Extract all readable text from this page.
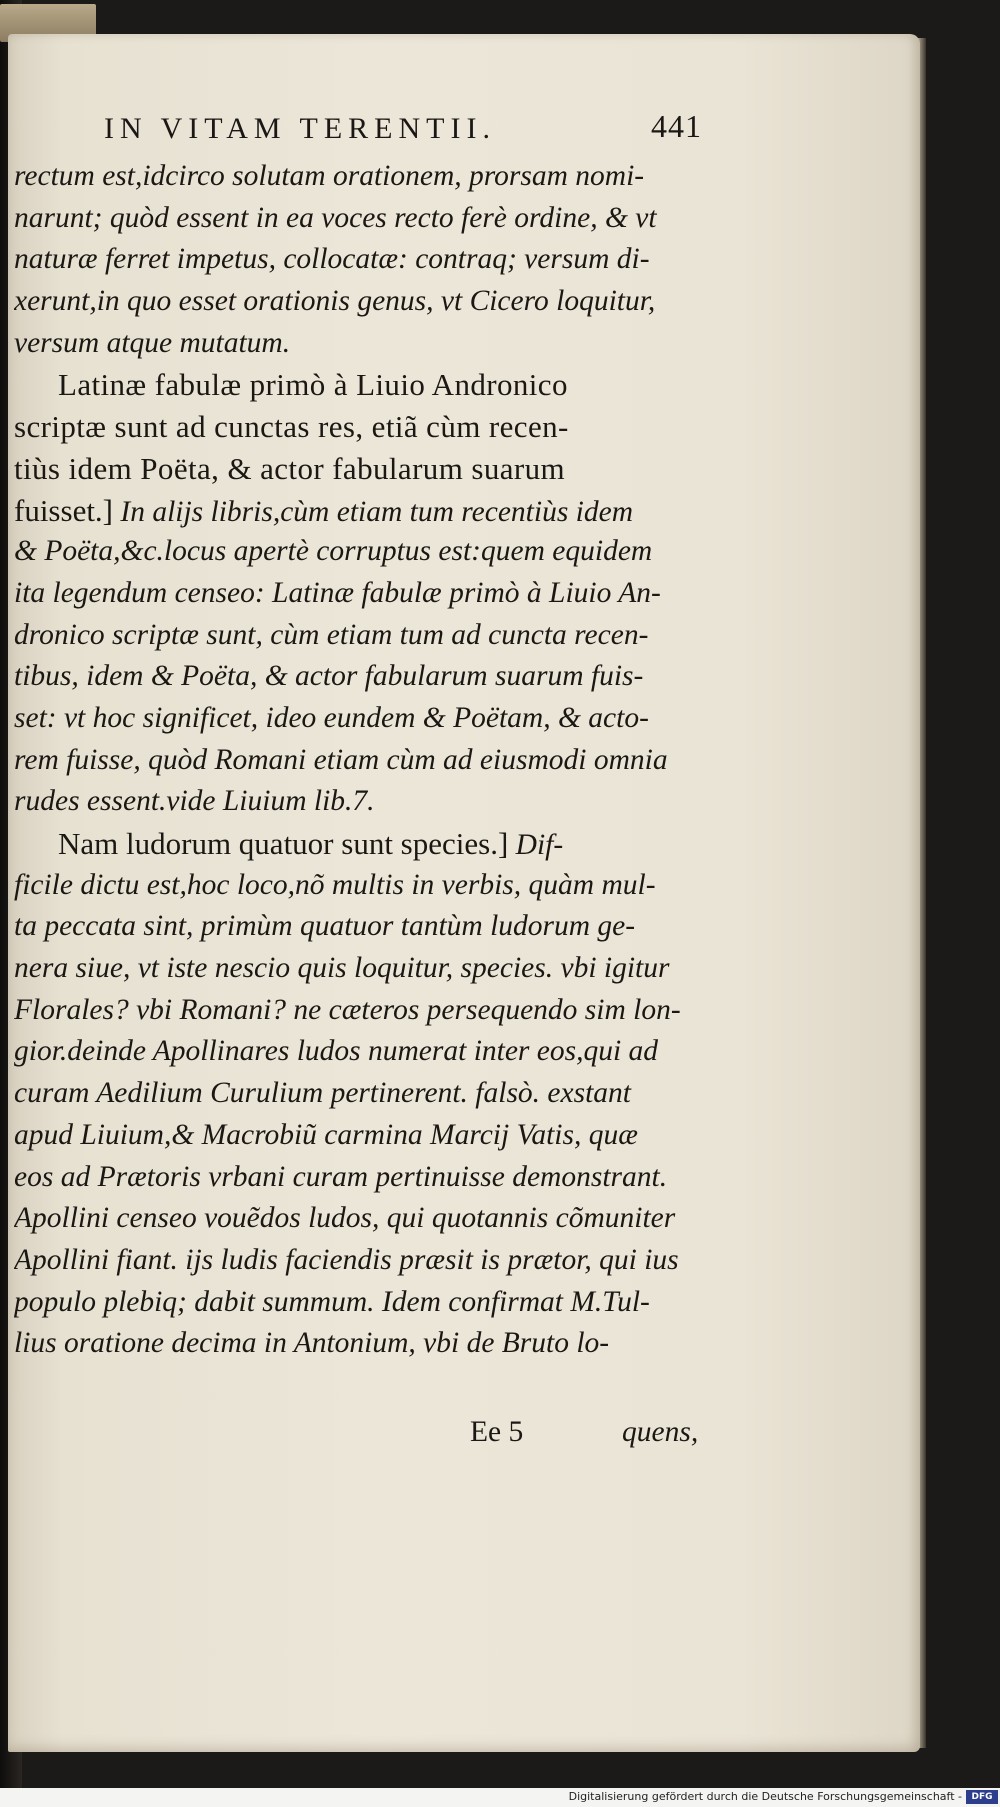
IN VITAM TERENTII.	441
rectum est,idcirco solutam orationem, prorsam nomi-
narunt; quòd essent in ea voces recto ferè ordine, & vt
naturæ ferret impetus, collocatæ: contraq; versum di-
xerunt,in quo esset orationis genus, vt Cicero loquitur,
versum atque mutatum.
Latinæ fabulæ primò à Liuio Andronico
scriptæ sunt ad cunctas res, etiã cùm recen-
tiùs idem Poëta, & actor fabularum suarum
fuisset.] In alijs libris,cùm etiam tum recentiùs idem
& Poëta,&c.locus apertè corruptus est:quem equidem
ita legendum censeo: Latinæ fabulæ primò à Liuio An-
dronico scriptæ sunt, cùm etiam tum ad cuncta recen-
tibus, idem & Poëta, & actor fabularum suarum fuis-
set: vt hoc significet, ideo eundem & Poëtam, & acto-
rem fuisse, quòd Romani etiam cùm ad eiusmodi omnia
rudes essent.vide Liuium lib.7.
Nam ludorum quatuor sunt species.] Dif-
ficile dictu est,hoc loco,nõ multis in verbis, quàm mul-
ta peccata sint, primùm quatuor tantùm ludorum ge-
nera siue, vt iste nescio quis loquitur, species. vbi igitur
Florales? vbi Romani? ne cæteros persequendo sim lon-
gior.deinde Apollinares ludos numerat inter eos,qui ad
curam Aedilium Curulium pertinerent. falsò. exstant
apud Liuium,& Macrobiũ carmina Marcij Vatis, quæ
eos ad Prætoris vrbani curam pertinuisse demonstrant.
Apollini censeo vouẽdos ludos, qui quotannis cõmuniter
Apollini fiant. ijs ludis faciendis præsit is prætor, qui ius
populo plebiq; dabit summum. Idem confirmat M.Tul-
lius oratione decima in Antonium, vbi de Bruto lo-
Ee 5	quens,
Digitalisierung gefördert durch die Deutsche Forschungsgemeinschaft -	DFG
